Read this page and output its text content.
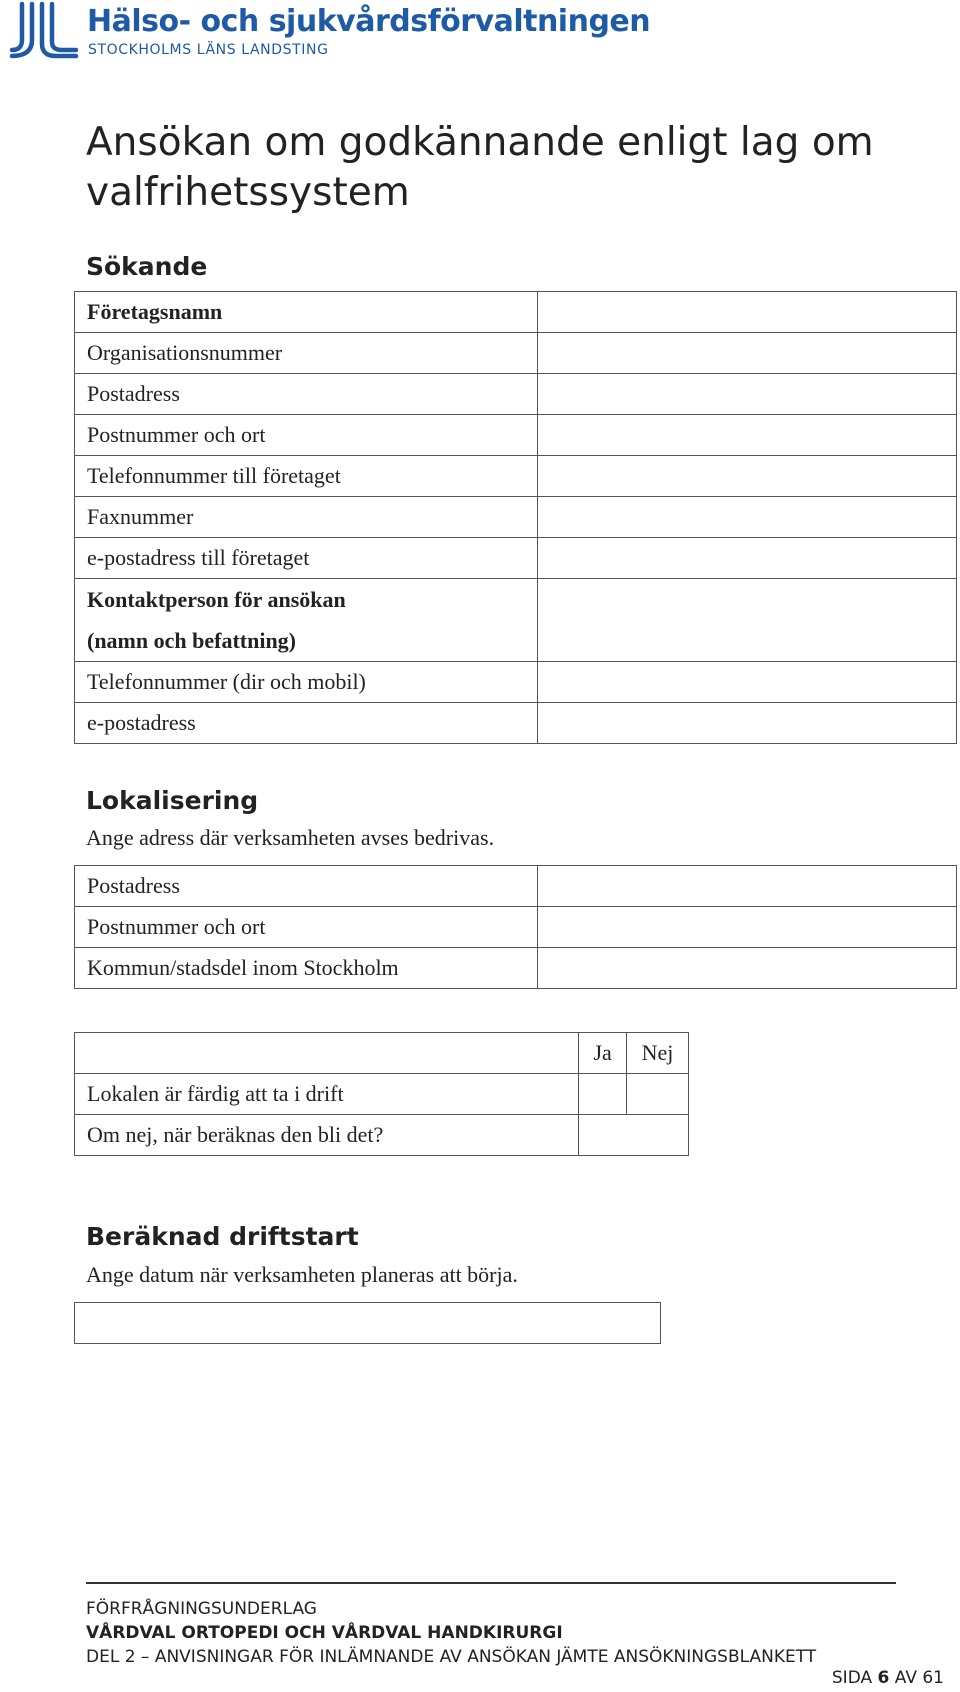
Hälso- och sjukvårdsförvaltningen
STOCKHOLMS LÄNS LANDSTING
Ansökan om godkännande enligt lag om valfrihetssystem
Sökande
Företagsnamn	
Organisationsnummer	
Postadress	
Postnummer och ort	
Telefonnummer till företaget	
Faxnummer	
e-postadress till företaget	

Kontaktperson för ansökan
(namn och befattning)	

Telefonnummer (dir och mobil)	
e-postadress	
Lokalisering
Ange adress där verksamheten avses bedrivas.
Postadress	
Postnummer och ort	
Kommun/stadsdel inom Stockholm	
	Ja	Nej
Lokalen är färdig att ta i drift		
Om nej, när beräknas den bli det?		
Beräknad driftstart
Ange datum när verksamheten planeras att börja.
FÖRFRÅGNINGSUNDERLAG
VÅRDVAL ORTOPEDI OCH VÅRDVAL HANDKIRURGI
DEL 2 – ANVISNINGAR FÖR INLÄMNANDE AV ANSÖKAN JÄMTE ANSÖKNINGSBLANKETT
SIDA 6 AV 61
